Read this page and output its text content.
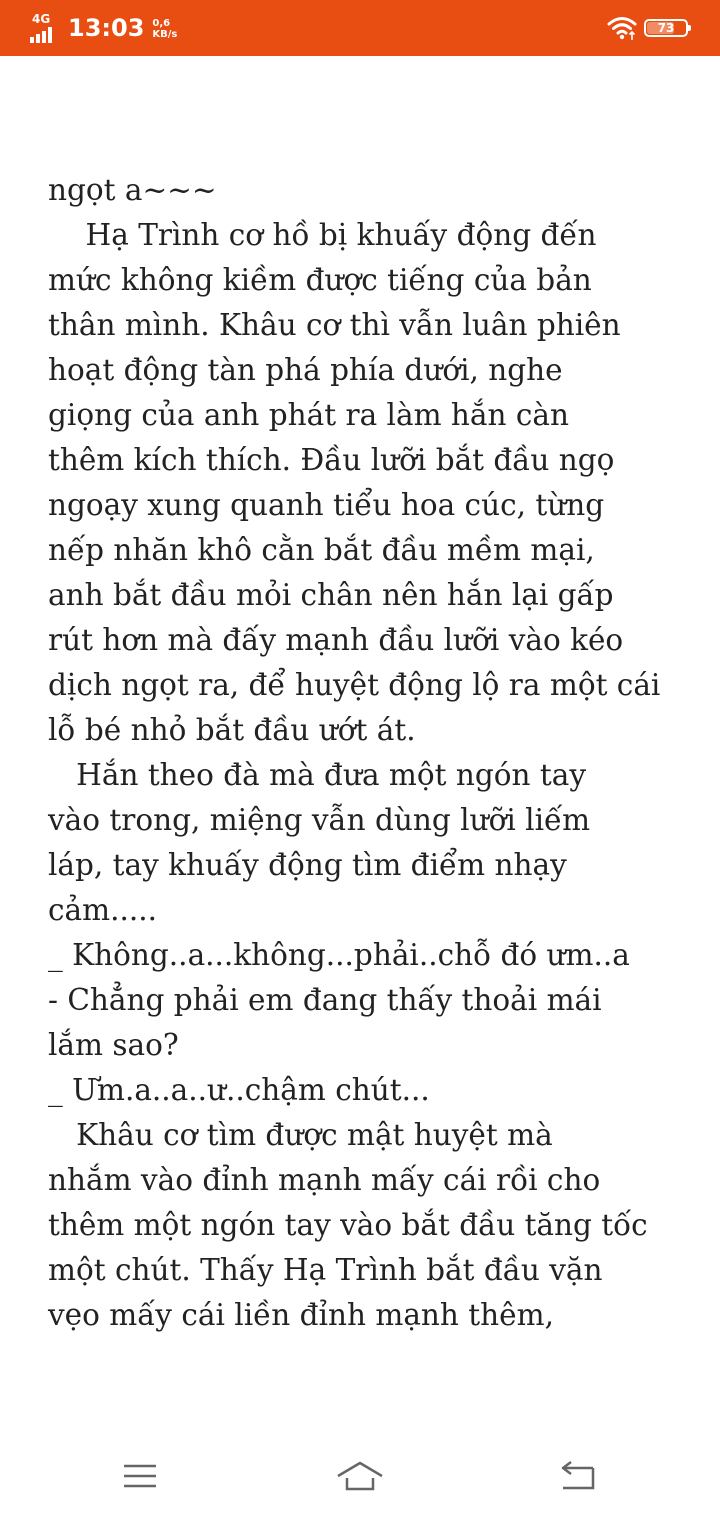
4G 13:03 0,6
KB/s	73
ngọt a~~~
Hạ Trình cơ hồ bị khuấy động đến
mức không kiềm được tiếng của bản
thân mình. Khâu cơ thì vẫn luân phiên
hoạt động tàn phá phía dưới, nghe
giọng của anh phát ra làm hắn càn
thêm kích thích. Đầu lưỡi bắt đầu ngọ
ngoạy xung quanh tiểu hoa cúc, từng
nếp nhăn khô cằn bắt đầu mềm mại,
anh bắt đầu mỏi chân nên hắn lại gấp
rút hơn mà đấy mạnh đầu lưỡi vào kéo
dịch ngọt ra, để huyệt động lộ ra một cái
lỗ bé nhỏ bắt đầu ướt át.
Hắn theo đà mà đưa một ngón tay
vào trong, miệng vẫn dùng lưỡi liếm
láp, tay khuấy động tìm điểm nhạy
cảm.....
_ Không..a...không...phải..chỗ đó ưm..a
- Chẳng phải em đang thấy thoải mái
lắm sao?
_ Ưm.a..a..ư..chậm chút...
Khâu cơ tìm được mật huyệt mà
nhắm vào đỉnh mạnh mấy cái rồi cho
thêm một ngón tay vào bắt đầu tăng tốc
một chút. Thấy Hạ Trình bắt đầu vặn
vẹo mấy cái liền đỉnh mạnh thêm,
